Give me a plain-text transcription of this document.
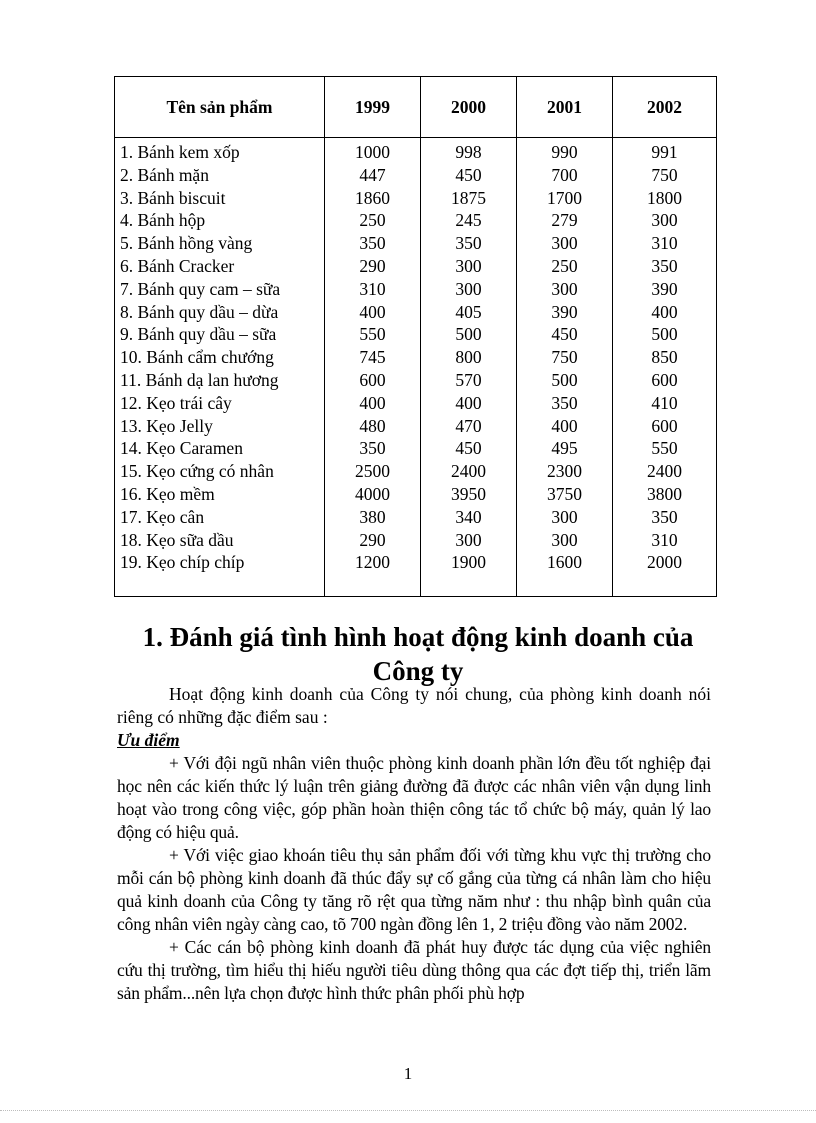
Tên sản phẩm	1999	2000	2001	2002
1. Bánh kem xốp	1000	998	990	991
2. Bánh mặn	447	450	700	750
3. Bánh biscuit	1860	1875	1700	1800
4. Bánh hộp	250	245	279	300
5. Bánh hồng vàng	350	350	300	310
6. Bánh Cracker	290	300	250	350
7. Bánh quy cam – sữa	310	300	300	390
8. Bánh quy dầu – dừa	400	405	390	400
9. Bánh quy dầu – sữa	550	500	450	500
10. Bánh cẩm chướng	745	800	750	850
11. Bánh dạ lan hương	600	570	500	600
12. Kẹo trái cây	400	400	350	410
13. Kẹo Jelly	480	470	400	600
14. Kẹo Caramen	350	450	495	550
15. Kẹo cứng có nhân	2500	2400	2300	2400
16. Kẹo mềm	4000	3950	3750	3800
17. Kẹo cân	380	340	300	350
18. Kẹo sữa dầu	290	300	300	310
19. Kẹo chíp chíp	1200	1900	1600	2000

1. Đánh giá tình hình hoạt động kinh doanh của
Công ty

Hoạt động kinh doanh của Công ty nói chung, của phòng kinh doanh nói riêng có những đặc điểm sau :

Ưu điểm

+ Với đội ngũ nhân viên thuộc phòng kinh doanh phần lớn đều tốt nghiệp đại học nên các kiến thức lý luận trên giảng đường đã được các nhân viên vận dụng linh hoạt vào trong công việc, góp phần hoàn thiện công tác tổ chức bộ máy, quản lý lao động có hiệu quả.

+ Với việc giao khoán tiêu thụ sản phẩm đối với từng khu vực thị trường cho mỗi cán bộ phòng kinh doanh đã thúc đẩy sự cố gắng của từng cá nhân làm cho hiệu quả kinh doanh của Công ty tăng rõ rệt qua từng năm như : thu nhập bình quân của công nhân viên ngày càng cao, tõ 700 ngàn đồng lên 1, 2 triệu đồng vào năm 2002.

+ Các cán bộ phòng kinh doanh đã phát huy được tác dụng của việc nghiên cứu thị trường, tìm hiểu thị hiếu người tiêu dùng thông qua các đợt tiếp thị, triển lãm sản phẩm...nên lựa chọn được hình thức phân phối phù hợp

1
